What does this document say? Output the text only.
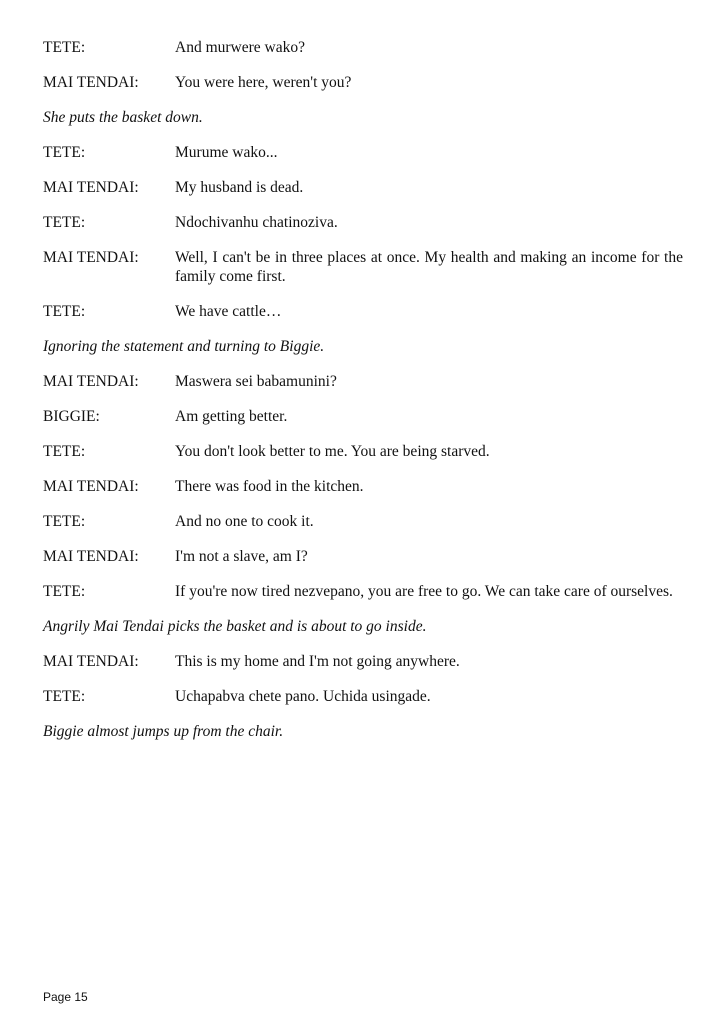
TETE:	And murwere wako?
MAI TENDAI:	You were here, weren't you?
She puts the basket down.
TETE:	Murume wako...
MAI TENDAI:	My husband is dead.
TETE:	Ndochivanhu chatinoziva.
MAI TENDAI:	Well, I can't be in three places at once. My health and making an income for the family come first.
TETE:	We have cattle…
Ignoring the statement and turning to Biggie.
MAI TENDAI:	Maswera sei babamunini?
BIGGIE:	Am getting better.
TETE:	You don't look better to me. You are being starved.
MAI TENDAI:	There was food in the kitchen.
TETE:	And no one to cook it.
MAI TENDAI:	I'm not a slave, am I?
TETE:	If you're now tired nezvepano, you are free to go. We can take care of ourselves.
Angrily Mai Tendai picks the basket and is about to go inside.
MAI TENDAI:	This is my home and I'm not going anywhere.
TETE:	Uchapabva chete pano. Uchida usingade.
Biggie almost jumps up from the chair.
Page 15
